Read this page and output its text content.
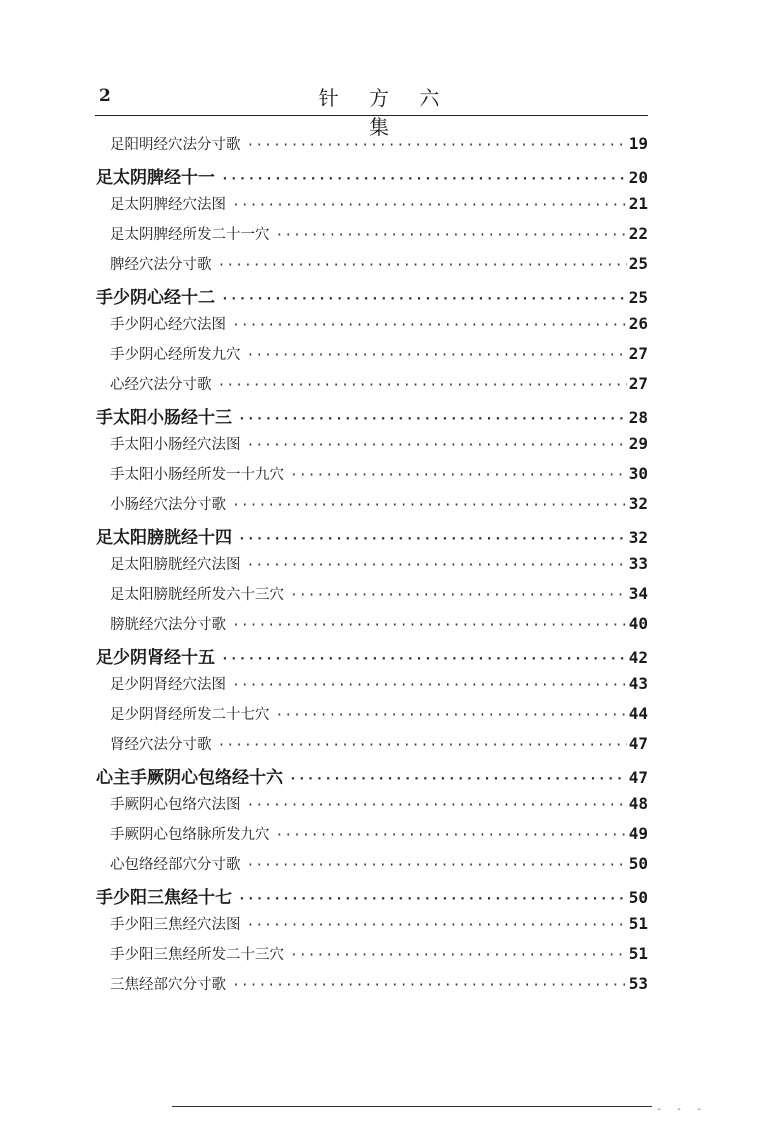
2	针 方 六 集
足阳明经穴法分寸歌 ·····	19
足太阴脾经十一 ·····	20
足太阴脾经穴法图 ·····	21
足太阴脾经所发二十一穴 ·····	22
脾经穴法分寸歌 ·····	25
手少阴心经十二 ·····	25
手少阴心经穴法图 ·····	26
手少阴心经所发九穴 ·····	27
心经穴法分寸歌 ·····	27
手太阳小肠经十三 ·····	28
手太阳小肠经穴法图 ·····	29
手太阳小肠经所发一十九穴 ·····	30
小肠经穴法分寸歌 ·····	32
足太阳膀胱经十四 ·····	32
足太阳膀胱经穴法图 ·····	33
足太阳膀胱经所发六十三穴 ·····	34
膀胱经穴法分寸歌 ·····	40
足少阴肾经十五 ·····	42
足少阴肾经穴法图 ·····	43
足少阴肾经所发二十七穴 ·····	44
肾经穴法分寸歌 ·····	47
心主手厥阴心包络经十六 ·····	47
手厥阴心包络穴法图 ·····	48
手厥阴心包络脉所发九穴 ·····	49
心包络经部穴分寸歌 ·····	50
手少阳三焦经十七 ·····	50
手少阳三焦经穴法图 ·····	51
手少阳三焦经所发二十三穴 ·····	51
三焦经部穴分寸歌 ·····	53
- - -
